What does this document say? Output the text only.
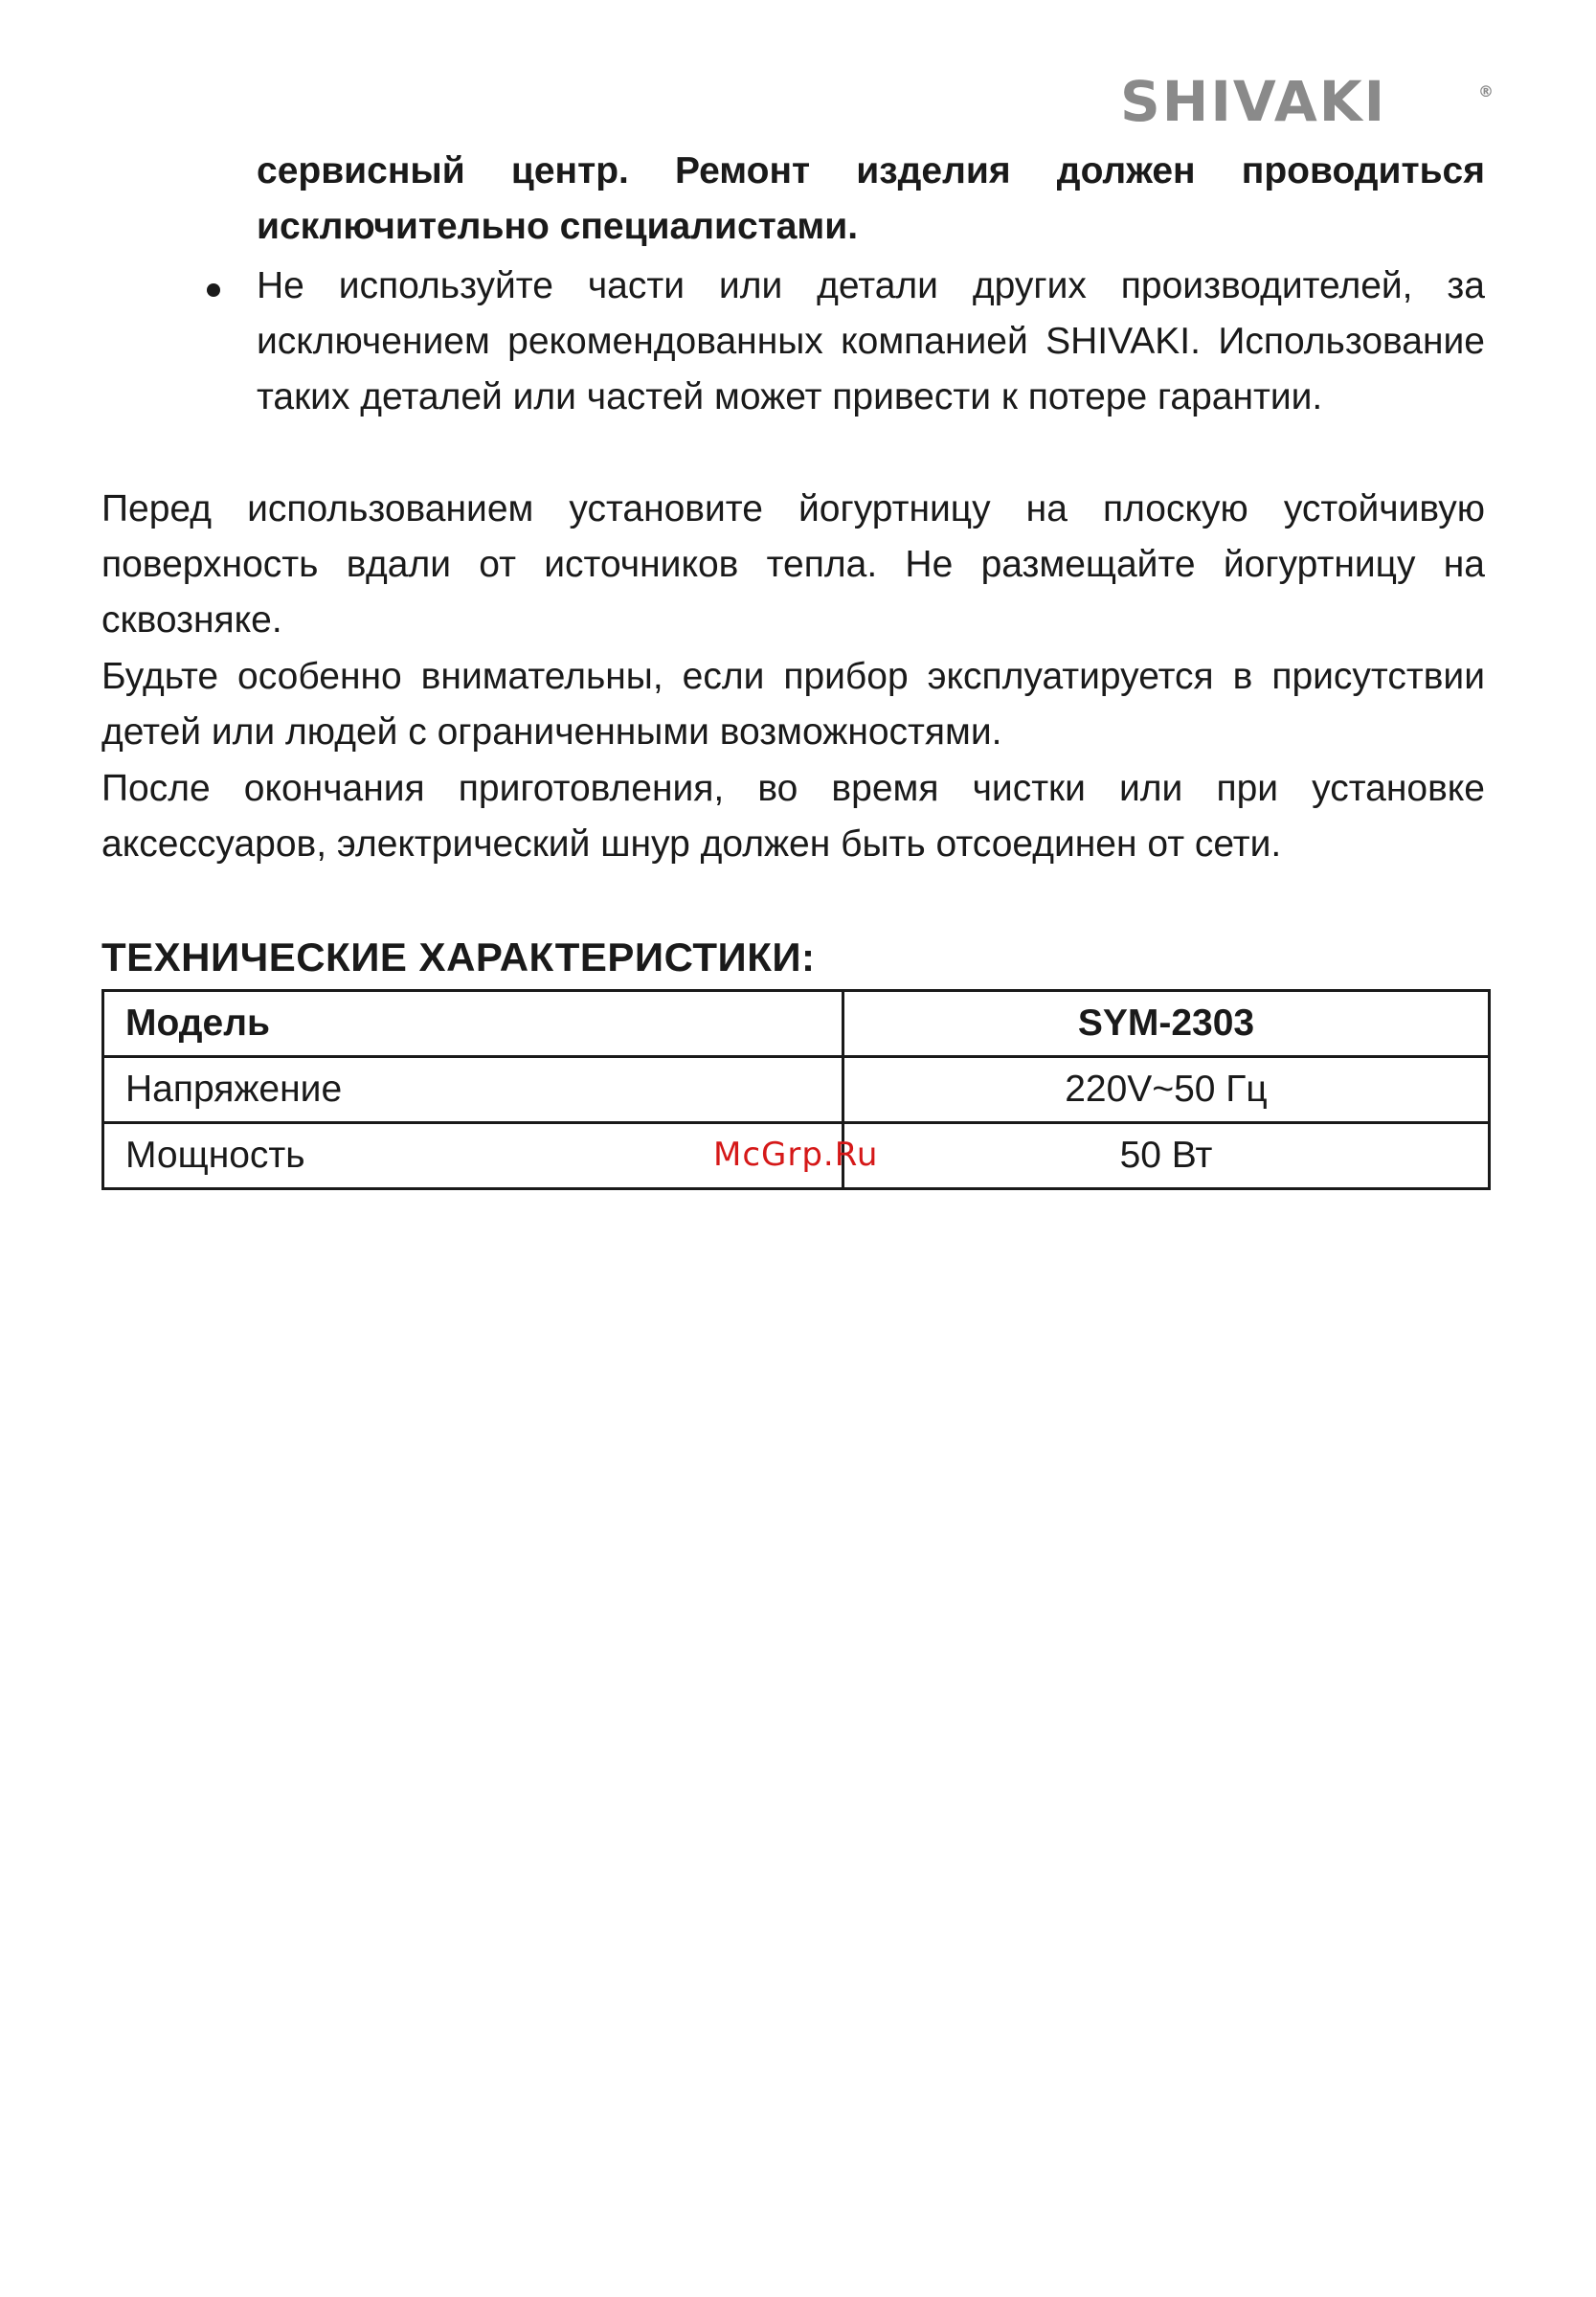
SHIVAKI	®

сервисный центр. Ремонт изделия должен проводиться исключительно специалистами.

Не используйте части или детали других производителей, за исключением рекомендованных компанией SHIVAKI. Использование таких деталей или частей может привести к потере гарантии.

Перед использованием установите йогуртницу на плоскую устойчивую поверхность вдали от источников тепла. Не размещайте йогуртницу на сквозняке.

Будьте особенно внимательны, если прибор эксплуатируется в присутствии детей или людей с ограниченными возможностями.

После окончания приготовления, во время чистки или при установке аксессуаров, электрический шнур должен быть отсоединен от сети.

ТЕХНИЧЕСКИЕ ХАРАКТЕРИСТИКИ:
Модель	SYM-2303
Напряжение	220V~50 Гц
Мощность	50 Вт
McGrp.Ru
